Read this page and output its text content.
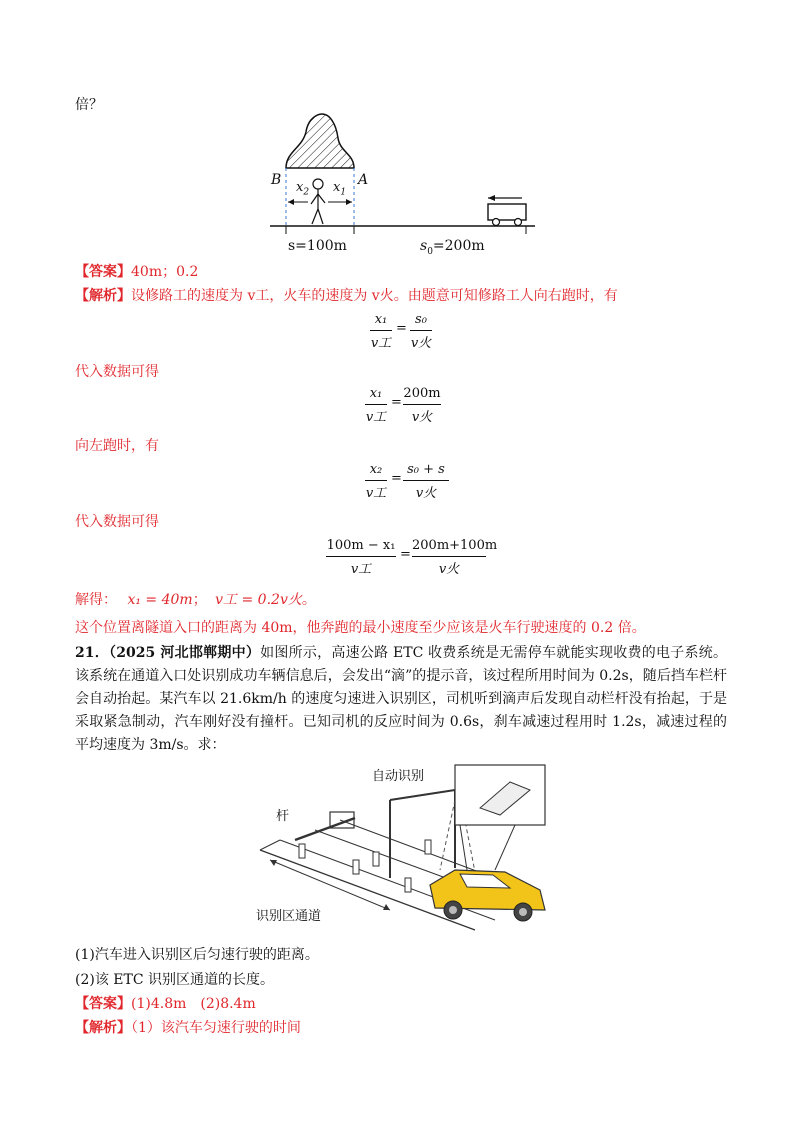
倍？
B	A
$x_2$ $x_1$
s=100m	$s_0=200m$
【答案】40m；0.2
【解析】设修路工的速度为 v工，火车的速度为 v火。由题意可知修路工人向右跑时，有
x₁
v工
=
s₀
v火
代入数据可得
x₁
v工
=
200m
v火
向左跑时，有
x₂
v工
=
s₀ + s
v火
代入数据可得
100m − x₁
v工
=
200m+100m
v火
解得： x₁ = 40m； v工 = 0.2v火。
这个位置离隧道入口的距离为 40m，他奔跑的最小速度至少应该是火车行驶速度的 0.2 倍。
21．（2025 河北邯郸期中）如图所示，高速公路 ETC 收费系统是无需停车就能实现收费的电子系统。该系统在通道入口处识别成功车辆信息后，会发出“滴”的提示音，该过程所用时间为 0.2s，随后挡车栏杆会自动抬起。某汽车以 21.6km/h 的速度匀速进入识别区，司机听到滴声后发现自动栏杆没有抬起，于是采取紧急制动，汽车刚好没有撞杆。已知司机的反应时间为 0.6s，刹车减速过程用时 1.2s，减速过程的平均速度为 3m/s。求：
自动识别
杆
识别区通道
(1)汽车进入识别区后匀速行驶的距离。
(2)该 ETC 识别区通道的长度。
【答案】(1)4.8m　(2)8.4m
【解析】（1）该汽车匀速行驶的时间
